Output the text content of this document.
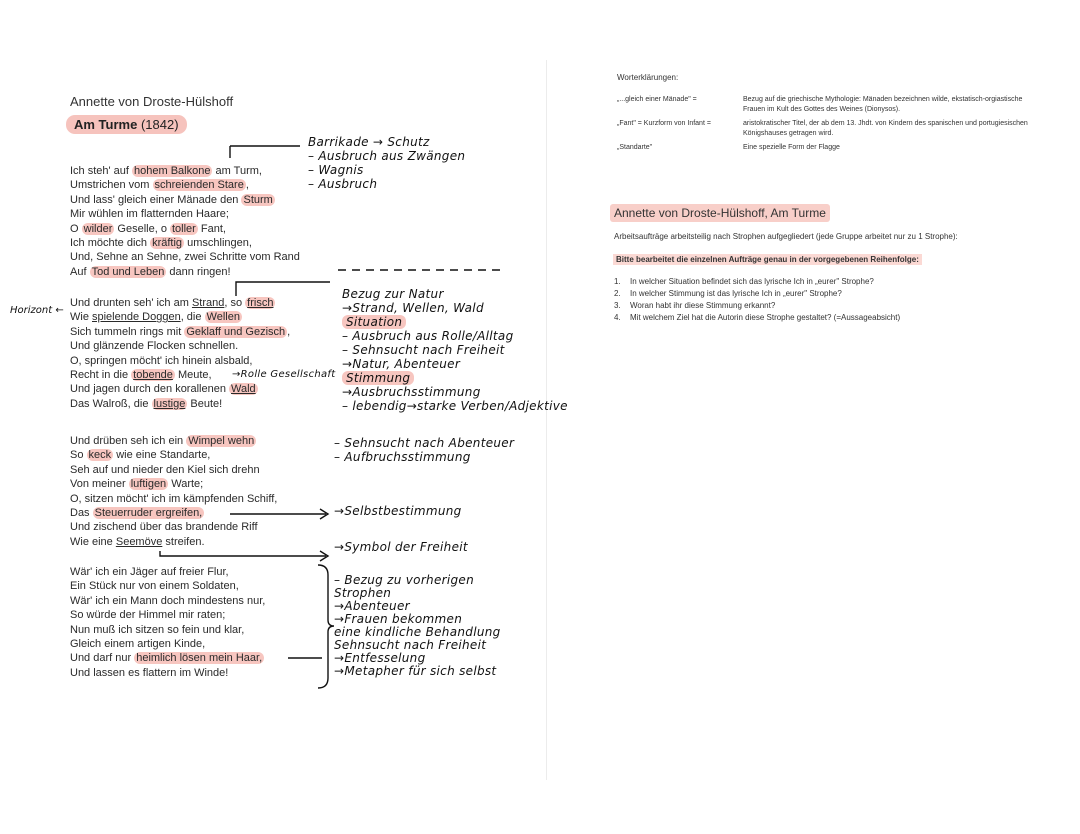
Annette von Droste-Hülshoff
Am Turme (1842)
Ich steh' auf hohem Balkone am Turm,
Umstrichen vom schreienden Stare ,
Und lass' gleich einer Mänade den Sturm
Mir wühlen im flatternden Haare;
O wilder Geselle, o toller Fant,
Ich möchte dich kräftig umschlingen,
Und, Sehne an Sehne, zwei Schritte vom Rand
Auf Tod und Leben dann ringen!
Und drunten seh' ich am Strand, so frisch
Wie spielende Doggen, die Wellen
Sich tummeln rings mit Geklaff und Gezisch ,
Und glänzende Flocken schnellen.
O, springen möcht' ich hinein alsbald,
Recht in die tobende Meute,
Und jagen durch den korallenen Wald
Das Walroß, die lustige Beute!
Und drüben seh ich ein Wimpel wehn
So keck wie eine Standarte,
Seh auf und nieder den Kiel sich drehn
Von meiner luftigen Warte;
O, sitzen möcht' ich im kämpfenden Schiff,
Das Steuerruder ergreifen,
Und zischend über das brandende Riff
Wie eine Seemöve streifen.
Wär' ich ein Jäger auf freier Flur,
Ein Stück nur von einem Soldaten,
Wär' ich ein Mann doch mindestens nur,
So würde der Himmel mir raten;
Nun muß ich sitzen so fein und klar,
Gleich einem artigen Kinde,
Und darf nur heimlich lösen mein Haar,
Und lassen es flattern im Winde!
Horizont ←
→Rolle Gesellschaft
Barrikade → Schutz
– Ausbruch aus Zwängen
– Wagnis
– Ausbruch
Bezug zur Natur
→Strand, Wellen, Wald
Situation
– Ausbruch aus Rolle/Alltag
– Sehnsucht nach Freiheit
→Natur, Abenteuer
Stimmung
→Ausbruchsstimmung
– lebendig→starke Verben/Adjektive
– Sehnsucht nach Abenteuer
– Aufbruchsstimmung
→Selbstbestimmung
→Symbol der Freiheit
– Bezug zu vorherigen
Strophen
→Abenteuer
→Frauen bekommen
eine kindliche Behandlung
Sehnsucht nach Freiheit
→Entfesselung
→Metapher für sich selbst
Worterklärungen:
„...gleich einer Mänade" =	Bezug auf die griechische Mythologie: Mänaden bezeichnen wilde, ekstatisch-orgiastische Frauen im Kult des Gottes des Weines (Dionysos).
„Fant" = Kurzform von Infant =	aristokratischer Titel, der ab dem 13. Jhdt. von Kindern des spanischen und portugiesischen Königshauses getragen wird.
„Standarte"	Eine spezielle Form der Flagge
Annette von Droste-Hülshoff, Am Turme
Arbeitsaufträge arbeitsteilig nach Strophen aufgegliedert (jede Gruppe arbeitet nur zu 1 Strophe):
Bitte bearbeitet die einzelnen Aufträge genau in der vorgegebenen Reihenfolge:
1. In welcher Situation befindet sich das lyrische Ich in „eurer" Strophe?
2. In welcher Stimmung ist das lyrische Ich in „eurer" Strophe?
3. Woran habt ihr diese Stimmung erkannt?
4. Mit welchem Ziel hat die Autorin diese Strophe gestaltet? (=Aussageabsicht)
